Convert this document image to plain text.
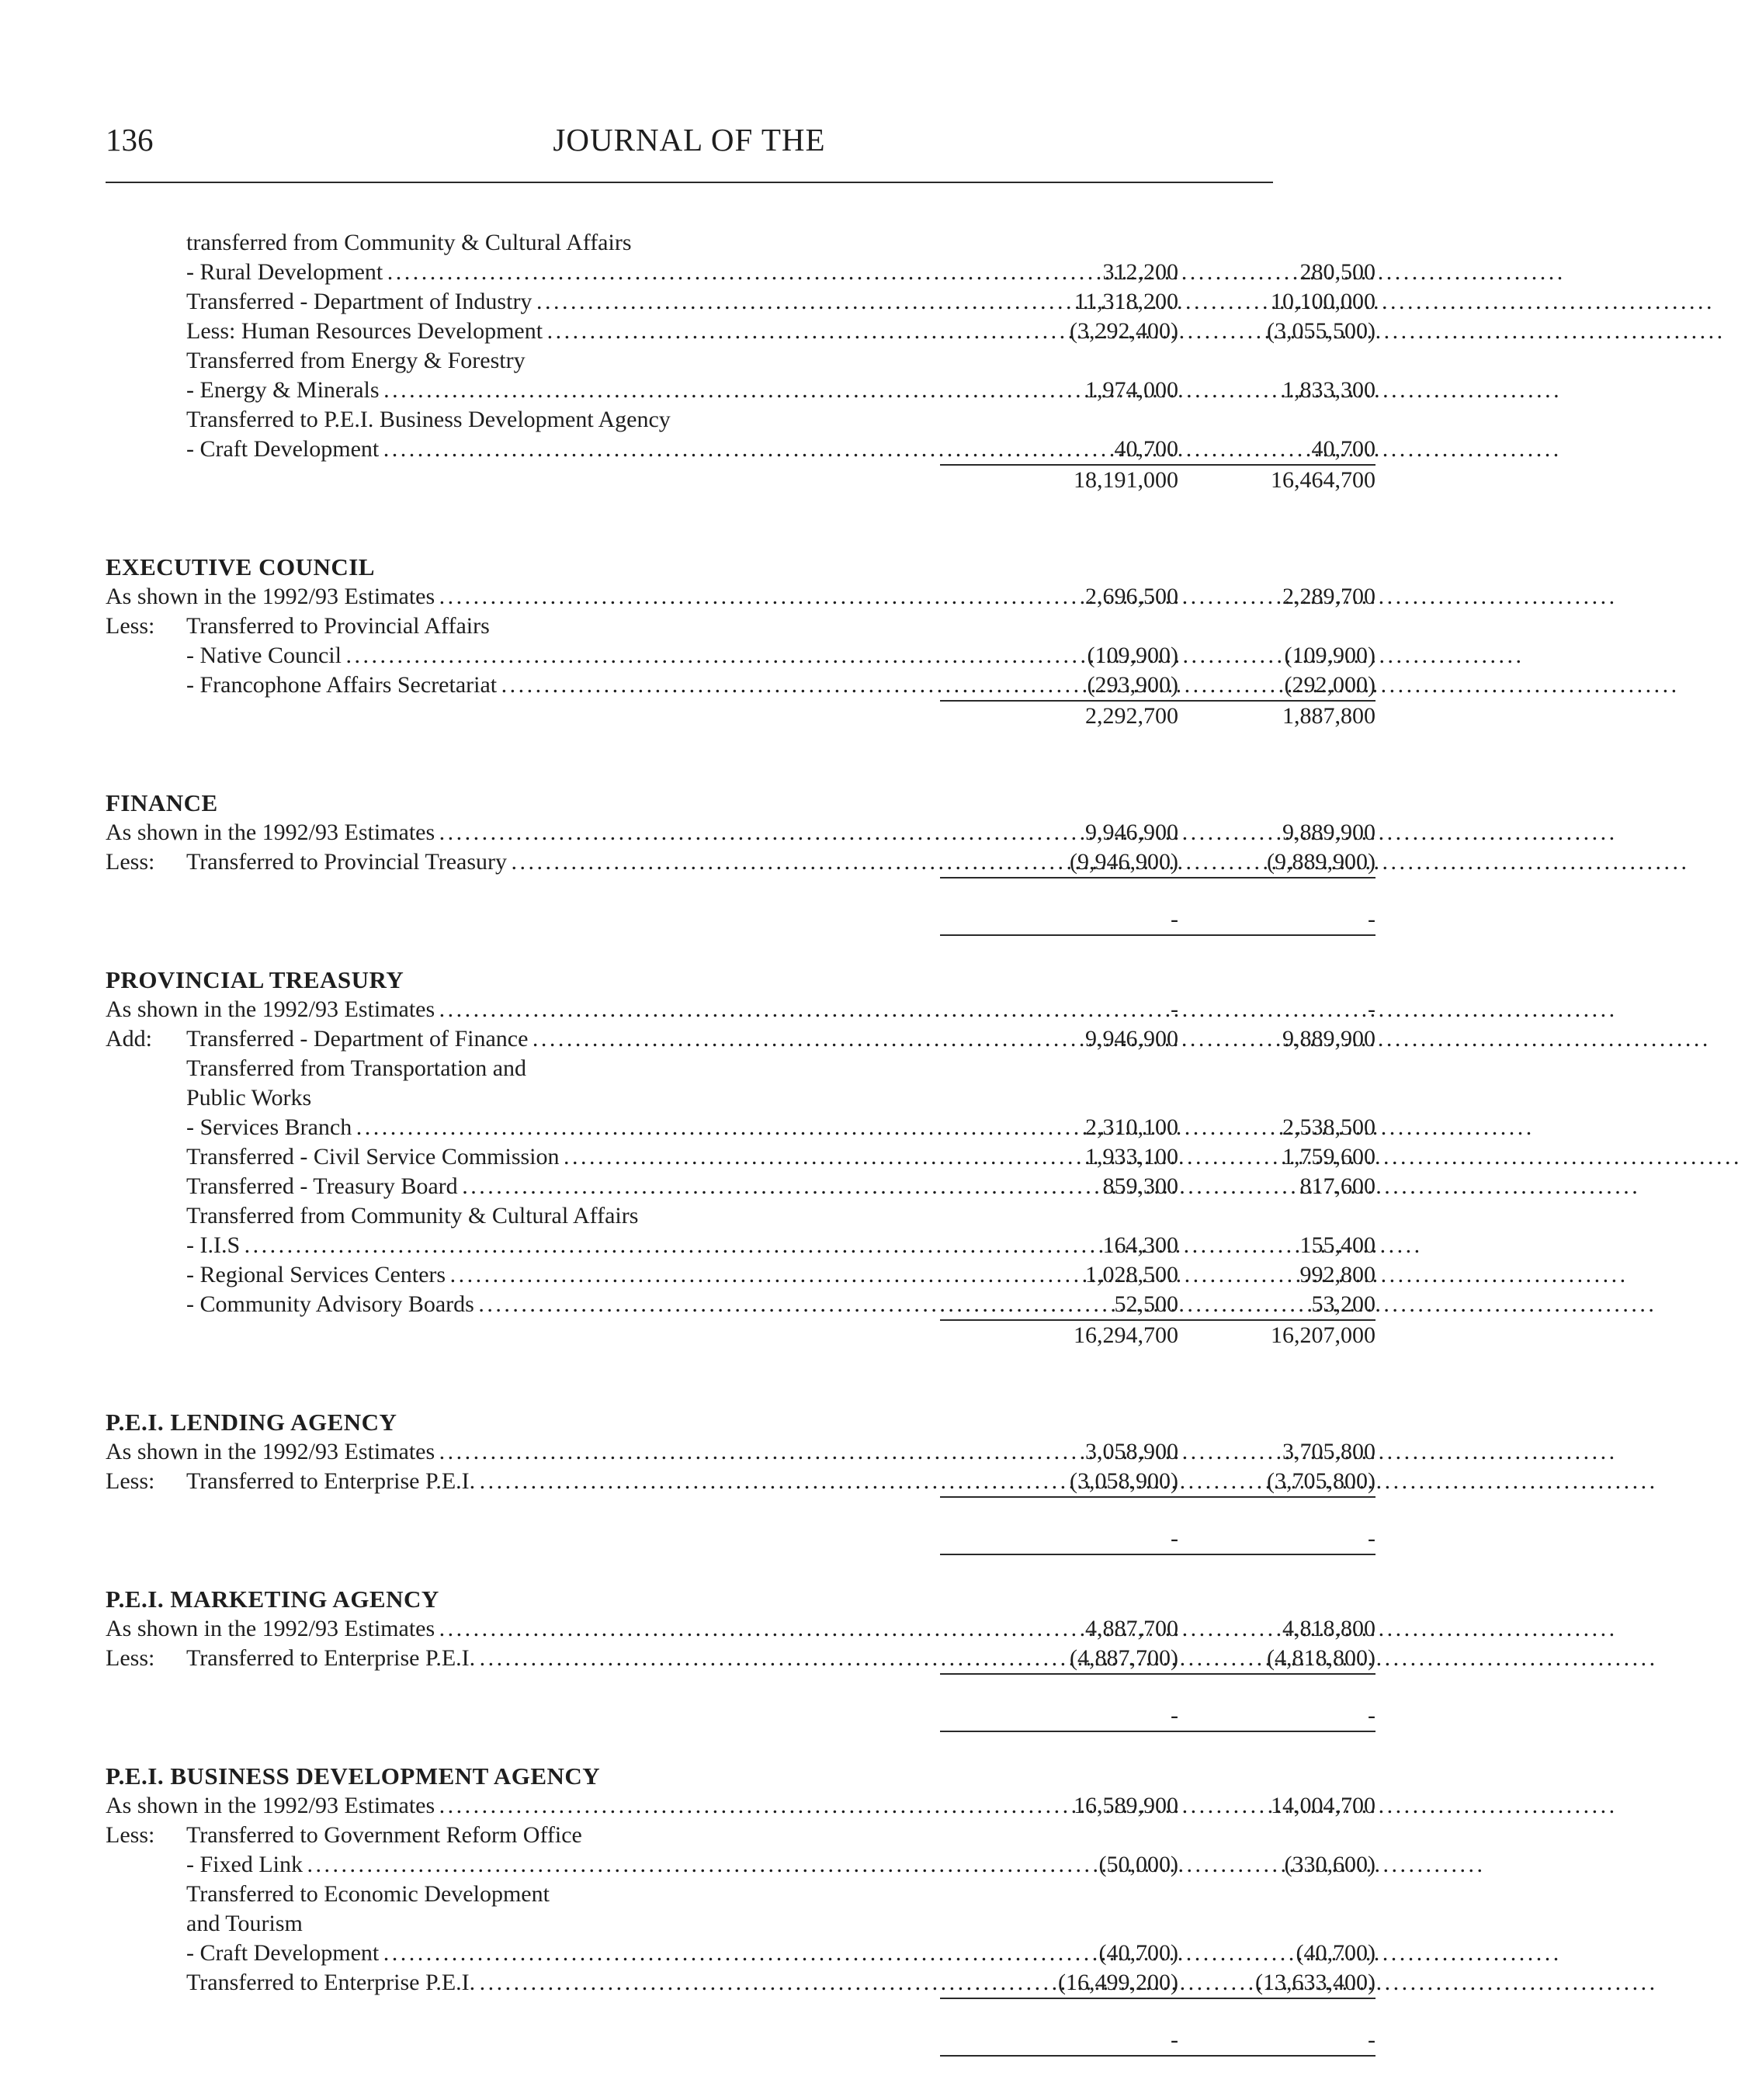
136	JOURNAL OF THE
transferred from Community & Cultural Affairs
- Rural Development . . .	312,200	280,500
Transferred - Department of Industry . . .	11,318,200	10,100,000
Less: Human Resources Development . . .	(3,292,400)	(3,055,500)
Transferred from Energy & Forestry
- Energy & Minerals . . .	1,974,000	1,833,300
Transferred to P.E.I. Business Development Agency
- Craft Development . . .	40,700	40,700
18,191,000	16,464,700
EXECUTIVE COUNCIL
As shown in the 1992/93 Estimates . . .	2,696,500	2,289,700
Less: Transferred to Provincial Affairs
- Native Council . . .	(109,900)	(109,900)
- Francophone Affairs Secretariat . . .	(293,900)	(292,000)
2,292,700	1,887,800
FINANCE
As shown in the 1992/93 Estimates . . .	9,946,900	9,889,900
Less: Transferred to Provincial Treasury . . .	(9,946,900)	(9,889,900)
-	-
PROVINCIAL TREASURY
As shown in the 1992/93 Estimates . . .	-	-
Add: Transferred - Department of Finance . . .	9,946,900	9,889,900
Transferred from Transportation and
Public Works
- Services Branch . . .	2,310,100	2,538,500
Transferred - Civil Service Commission . . .	1,933,100	1,759,600
Transferred - Treasury Board . . .	859,300	817,600
Transferred from Community & Cultural Affairs
- I.I.S . . .	164,300	155,400
- Regional Services Centers . . .	1,028,500	992,800
- Community Advisory Boards . . .	52,500	53,200
16,294,700	16,207,000
P.E.I. LENDING AGENCY
As shown in the 1992/93 Estimates . . .	3,058,900	3,705,800
Less: Transferred to Enterprise P.E.I. . . .	(3,058,900)	(3,705,800)
-	-
P.E.I. MARKETING AGENCY
As shown in the 1992/93 Estimates . . .	4,887,700	4,818,800
Less: Transferred to Enterprise P.E.I. . . .	(4,887,700)	(4,818,800)
-	-
P.E.I. BUSINESS DEVELOPMENT AGENCY
As shown in the 1992/93 Estimates . . .	16,589,900	14,004,700
Less: Transferred to Government Reform Office
- Fixed Link . . .	(50,000)	(330,600)
Transferred to Economic Development
and Tourism
- Craft Development . . .	(40,700)	(40,700)
Transferred to Enterprise P.E.I. . . .	(16,499,200)	(13,633,400)
-	-
